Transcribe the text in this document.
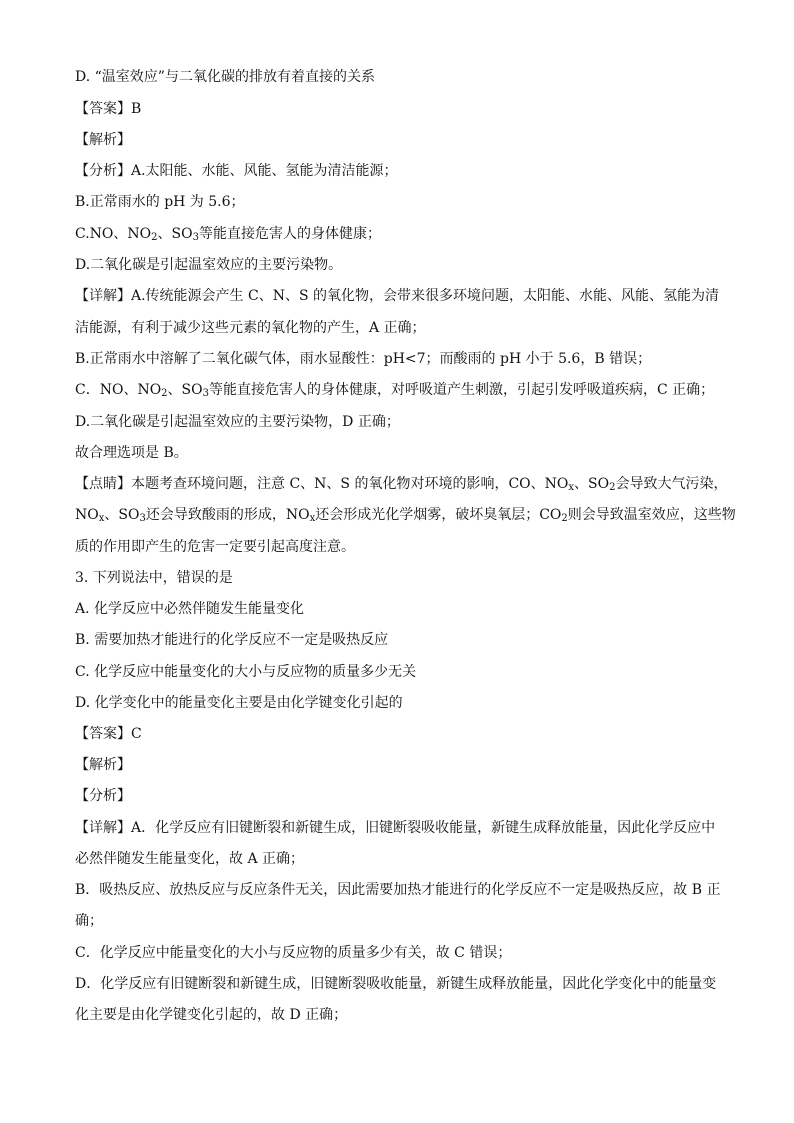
D. “温室效应”与二氧化碳的排放有着直接的关系
【答案】B
【解析】
【分析】A.太阳能、水能、风能、氢能为清洁能源；
B.正常雨水的 pH 为 5.6；
C.NO、$NO_2$、$SO_3$等能直接危害人的身体健康；
D.二氧化碳是引起温室效应的主要污染物。
【详解】A.传统能源会产生 C、N、S 的氧化物，会带来很多环境问题，太阳能、水能、风能、氢能为清
洁能源，有利于减少这些元素的氧化物的产生，A 正确；
B.正常雨水中溶解了二氧化碳气体，雨水显酸性：pH<7；而酸雨的 pH 小于 5.6，B 错误；
C．NO、$NO_2$、$SO_3$等能直接危害人的身体健康，对呼吸道产生刺激，引起引发呼吸道疾病，C 正确；
D.二氧化碳是引起温室效应的主要污染物，D 正确；
故合理选项是 B。
【点睛】本题考查环境问题，注意 C、N、S 的氧化物对环境的影响，CO、$NO_x$、$SO_2$会导致大气污染，
$NO_x$、$SO_3$还会导致酸雨的形成，$NO_x$还会形成光化学烟雾，破坏臭氧层；$CO_2$则会导致温室效应，这些物
质的作用即产生的危害一定要引起高度注意。
3. 下列说法中，错误的是
A. 化学反应中必然伴随发生能量变化
B. 需要加热才能进行的化学反应不一定是吸热反应
C. 化学反应中能量变化的大小与反应物的质量多少无关
D. 化学变化中的能量变化主要是由化学键变化引起的
【答案】C
【解析】
【分析】
【详解】A．化学反应有旧键断裂和新键生成，旧键断裂吸收能量，新键生成释放能量，因此化学反应中
必然伴随发生能量变化，故 A 正确；
B．吸热反应、放热反应与反应条件无关，因此需要加热才能进行的化学反应不一定是吸热反应，故 B 正
确；
C．化学反应中能量变化的大小与反应物的质量多少有关，故 C 错误；
D．化学反应有旧键断裂和新键生成，旧键断裂吸收能量，新键生成释放能量，因此化学变化中的能量变
化主要是由化学键变化引起的，故 D 正确；
